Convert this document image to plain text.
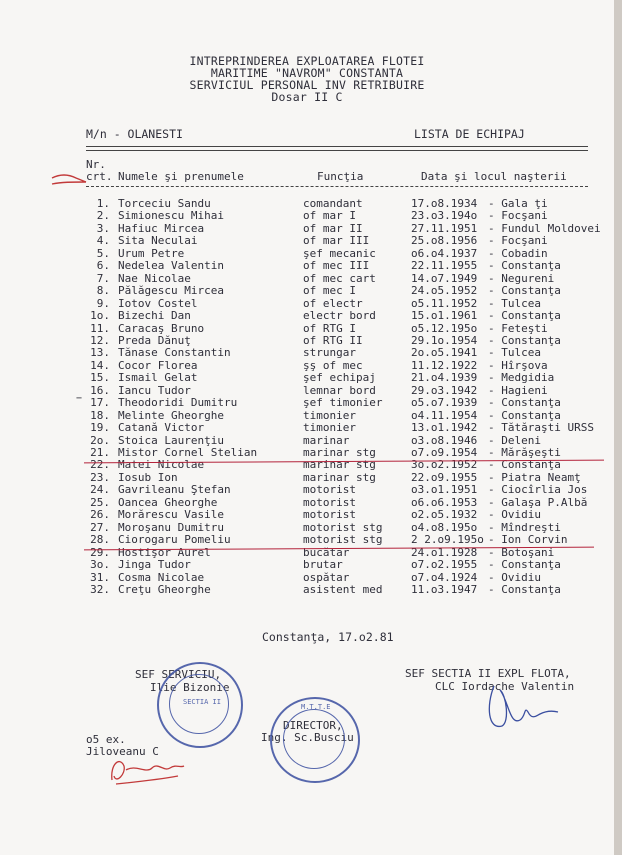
INTREPRINDEREA EXPLOATAREA FLOTEI
MARITIME "NAVROM" CONSTANTA
SERVICIUL PERSONAL INV RETRIBUIRE
Dosar II C
M/n - OLANESTI	LISTA DE ECHIPAJ
Nr.
crt. Numele şi prenumele	Funcţia	Data şi locul naşterii
1. Torceciu Sandu	comandant	17.o8.1934 - Gala ţi
2. Simionescu Mihai	of mar I	23.o3.194o - Focşani
3. Hafiuc Mircea	of mar II	27.11.1951 - Fundul Moldovei
4. Sita Neculai	of mar III	25.o8.1956 - Focşani
5. Urum Petre	şef mecanic	o6.o4.1937 - Cobadin
6. Nedelea Valentin	of mec III	22.11.1955 - Constanţa
7. Nae Nicolae	of mec cart	14.o7.1949 - Negureni
8. Pălăgescu Mircea	of mec I	24.o5.1952 - Constanţa
9. Iotov Costel	of electr	o5.11.1952 - Tulcea
1o. Bizechi Dan	electr bord	15.o1.1961 - Constanţa
11. Caracaş Bruno	of RTG I	o5.12.195o - Feteşti
12. Preda Dănuţ	of RTG II	29.1o.1954 - Constanţa
13. Tănase Constantin	strungar	2o.o5.1941 - Tulcea
14. Cocor Florea	şş of mec	11.12.1922 - Hîrşova
15. Ismail Gelat	şef echipaj	21.o4.1939 - Medgidia
16. Iancu Tudor	lemnar bord	29.o3.1942 - Hagieni
17. Theodoridi Dumitru	şef timonier	o5.o7.1939 - Constanţa
18. Melinte Gheorghe	timonier	o4.11.1954 - Constanţa
19. Catană Victor	timonier	13.o1.1942 - Tătăraşti URSS
2o. Stoica Laurenţiu	marinar	o3.o8.1946 - Deleni
21. Mistor Cornel Stelian	marinar stg	o7.o9.1954 - Mărăşeşti
22. Matei Nicolae	marinar stg	3o.o2.1952 - Constanţa
23. Iosub Ion	marinar stg	22.o9.1955 - Piatra Neamţ
24. Gavrileanu Ştefan	motorist	o3.o1.1951 - Ciocîrlia Jos
25. Oancea Gheorghe	motorist	o6.o6.1953 - Galaşa P.Albă
26. Morărescu Vasile	motorist	o2.o5.1932 - Ovidiu
27. Moroşanu Dumitru	motorist stg	o4.o8.195o - Mîndreşti
28. Ciorogaru Pomeliu	motorist stg	2 2.o9.195o - Ion Corvin
29. Hostişor Aurel	bucătar	24.o1.1928 - Botoşani
3o. Jinga Tudor	brutar	o7.o2.1955 - Constanţa
31. Cosma Nicolae	ospătar	o7.o4.1924 - Ovidiu
32. Creţu Gheorghe	asistent med	11.o3.1947 - Constanţa
−
Constanţa, 17.o2.81
SEF SERVICIU,
Ilie Bizonie
SECTIA II
SEF SECTIA II EXPL FLOTA,
CLC Iordache Valentin
DIRECTOR,
Ing. Sc.Busciu
M.T.T.E
o5 ex.
Jiloveanu C
